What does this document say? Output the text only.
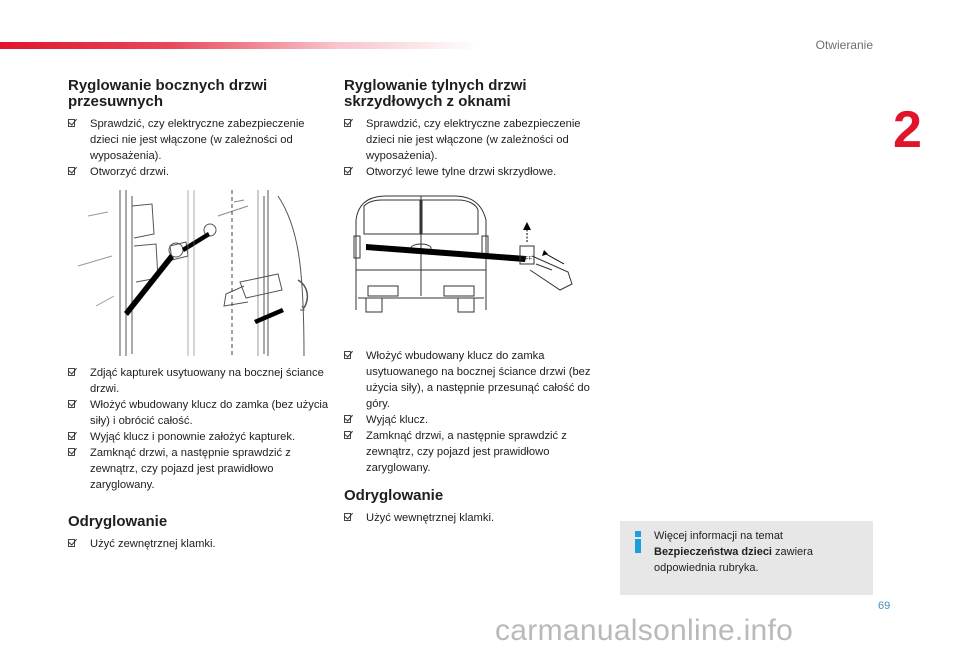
Otwieranie
2
Ryglowanie bocznych drzwi
przesuwnych
Sprawdzić, czy elektryczne zabezpieczenie dzieci nie jest włączone (w zależności od wyposażenia).
Otworzyć drzwi.
Zdjąć kapturek usytuowany na bocznej ściance drzwi.
Włożyć wbudowany klucz do zamka (bez użycia siły) i obrócić całość.
Wyjąć klucz i ponownie założyć kapturek.
Zamknąć drzwi, a następnie sprawdzić z zewnątrz, czy pojazd jest prawidłowo zaryglowany.
Odryglowanie
Użyć zewnętrznej klamki.
Ryglowanie tylnych drzwi
skrzydłowych z oknami
Sprawdzić, czy elektryczne zabezpieczenie dzieci nie jest włączone (w zależności od wyposażenia).
Otworzyć lewe tylne drzwi skrzydłowe.
OFF
Włożyć wbudowany klucz do zamka usytuowanego na bocznej ściance drzwi (bez użycia siły), a następnie przesunąć całość do góry.
Wyjąć klucz.
Zamknąć drzwi, a następnie sprawdzić z zewnątrz, czy pojazd jest prawidłowo zaryglowany.
Odryglowanie
Użyć wewnętrznej klamki.
Więcej informacji na temat Bezpieczeństwa dzieci zawiera odpowiednia rubryka.
69
carmanualsonline.info
